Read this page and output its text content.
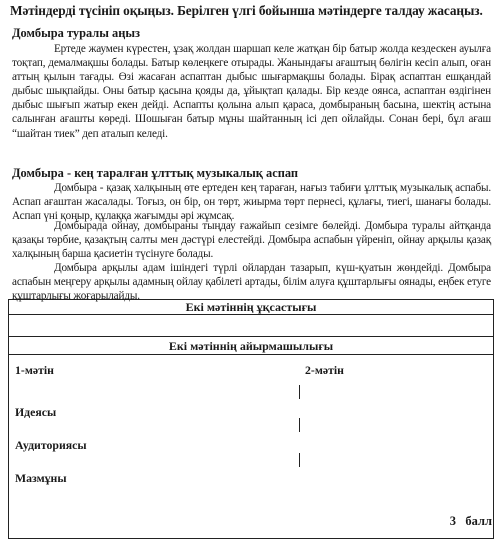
Мәтіндерді түсініп оқыңыз. Берілген үлгі бойынша мәтіндерге талдау жасаңыз.
Домбыра туралы аңыз
Ертеде жаумен күрестен, ұзақ жолдан шаршап келе жатқан бір батыр жолда кездескен ауылға тоқтап, демалмақшы болады. Батыр көлеңкеге отырады. Жанындағы ағаштың бөлігін кесіп алып, оған аттың қылын тағады. Өзі жасаған аспаптан дыбыс шығармақшы болады. Бірақ аспаптан ешқандай дыбыс шықпайды. Оны батыр қасына қояды да, ұйықтап қалады. Бір кезде оянса, аспаптан өздігінен дыбыс шығып жатыр екен дейді. Аспапты қолына алып қараса, домбыраның басына, шектің астына салынған ағашты көреді. Шошыған батыр мұны шайтанның ісі деп ойлайды. Сонан бері, бұл ағаш “шайтан тиек” деп аталып келеді.
Домбыра - кең таралған ұлттық музыкалық аспап
Домбыра - қазақ халқының өте ертеден кең тараған, нағыз табиғи ұлттық музыкалық аспабы. Аспап ағаштан жасалады. Тоғыз, он бір, он төрт, жиырма төрт пернесі, құлағы, тиегі, шанағы болады. Аспап үні қоңыр, құлаққа жағымды әрі жұмсақ.
Домбырада ойнау, домбыраны тыңдау ғажайып сезімге бөлейді. Домбыра туралы айтқанда қазақы төрбие, қазақтың салты мен дәстүрі елестейді. Домбыра аспабын үйреніп, ойнау арқылы қазақ халқының барша қасиетін түсінуге болады.
Домбыра арқылы адам ішіндегі түрлі ойлардан тазарып, күш-қуатын жөндейді. Домбыра аспабын меңгеру арқылы адамның ойлау қабілеті артады, білім алуға құштарлығы оянады, еңбек етуге құштарлығы жоғарылайды.
Екі мәтіннің ұқсастығы
Екі мәтіннің айырмашылығы
1-мәтін	2-мәтін
Идеясы
Аудиториясы
Мазмұны
3 балл
